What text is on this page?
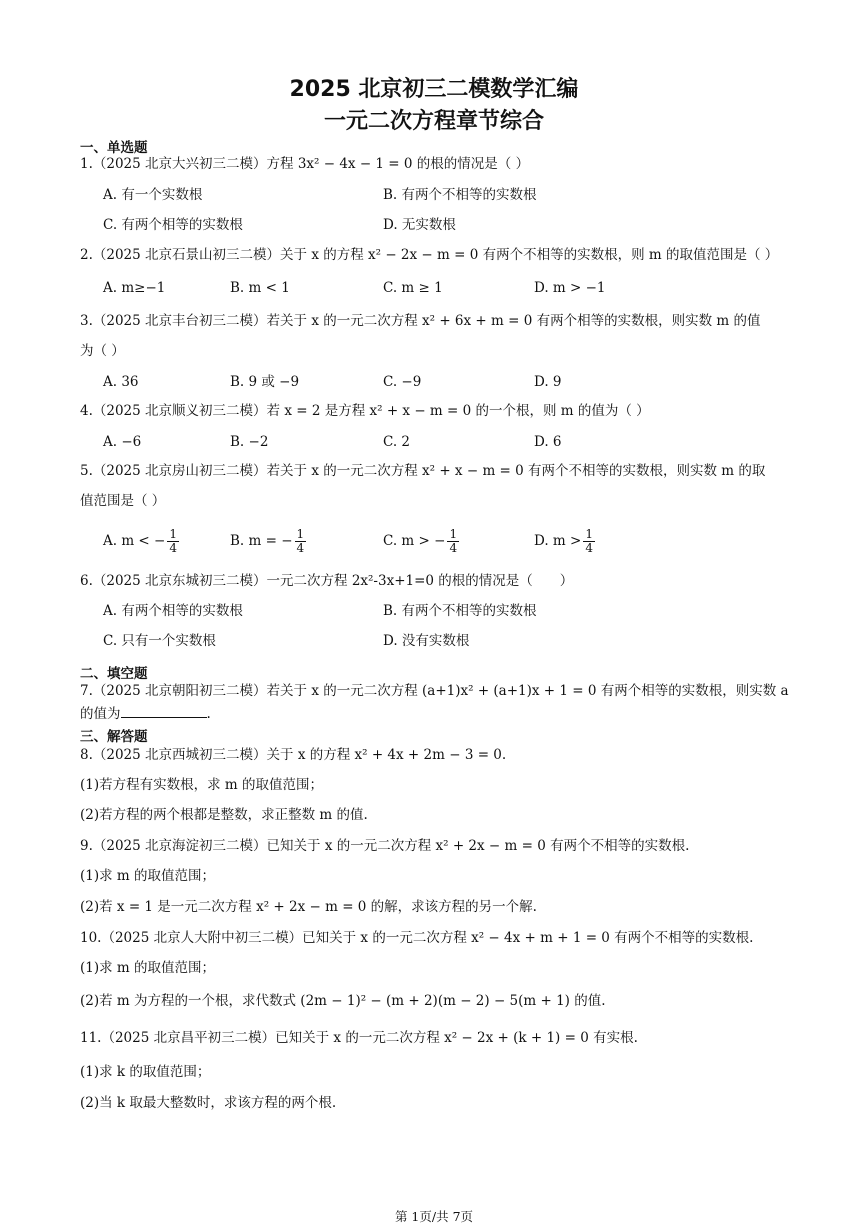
2025 北京初三二模数学汇编
一元二次方程章节综合
一、单选题
1.（2025 北京大兴初三二模）方程 3x² − 4x − 1 = 0 的根的情况是（ ）
A. 有一个实数根	B. 有两个不相等的实数根
C. 有两个相等的实数根	D. 无实数根
2.（2025 北京石景山初三二模）关于 x 的方程 x² − 2x − m = 0 有两个不相等的实数根，则 m 的取值范围是（ ）
A. m≥−1	B. m < 1	C. m ≥ 1	D. m > −1
3.（2025 北京丰台初三二模）若关于 x 的一元二次方程 x² + 6x + m = 0 有两个相等的实数根，则实数 m 的值
为（ ）
A. 36	B. 9 或 −9	C. −9	D. 9
4.（2025 北京顺义初三二模）若 x = 2 是方程 x² + x − m = 0 的一个根，则 m 的值为（ ）
A. −6	B. −2	C. 2	D. 6
5.（2025 北京房山初三二模）若关于 x 的一元二次方程 x² + x − m = 0 有两个不相等的实数根，则实数 m 的取
值范围是（ ）
A. m < − $\frac{1}{4}$	B. m = − $\frac{1}{4}$	C. m > − $\frac{1}{4}$	D. $m > \frac{1}{4}$
6.（2025 北京东城初三二模）一元二次方程 2x²-3x+1=0 的根的情况是（　　）
A. 有两个相等的实数根	B. 有两个不相等的实数根
C. 只有一个实数根	D. 没有实数根
二、填空题
7.（2025 北京朝阳初三二模）若关于 x 的一元二次方程 (a+1)x² + (a+1)x + 1 = 0 有两个相等的实数根，则实数 a
的值为	.
三、解答题
8.（2025 北京西城初三二模）关于 x 的方程 x² + 4x + 2m − 3 = 0.
(1)若方程有实数根，求 m 的取值范围；
(2)若方程的两个根都是整数，求正整数 m 的值.
9.（2025 北京海淀初三二模）已知关于 x 的一元二次方程 x² + 2x − m = 0 有两个不相等的实数根.
(1)求 m 的取值范围；
(2)若 x = 1 是一元二次方程 x² + 2x − m = 0 的解，求该方程的另一个解.
10.（2025 北京人大附中初三二模）已知关于 x 的一元二次方程 x² − 4x + m + 1 = 0 有两个不相等的实数根.
(1)求 m 的取值范围；
(2)若 m 为方程的一个根，求代数式 (2m − 1)² − (m + 2)(m − 2) − 5(m + 1) 的值.
11.（2025 北京昌平初三二模）已知关于 x 的一元二次方程 x² − 2x + (k + 1) = 0 有实根.
(1)求 k 的取值范围；
(2)当 k 取最大整数时，求该方程的两个根.
第 1页/共 7页
